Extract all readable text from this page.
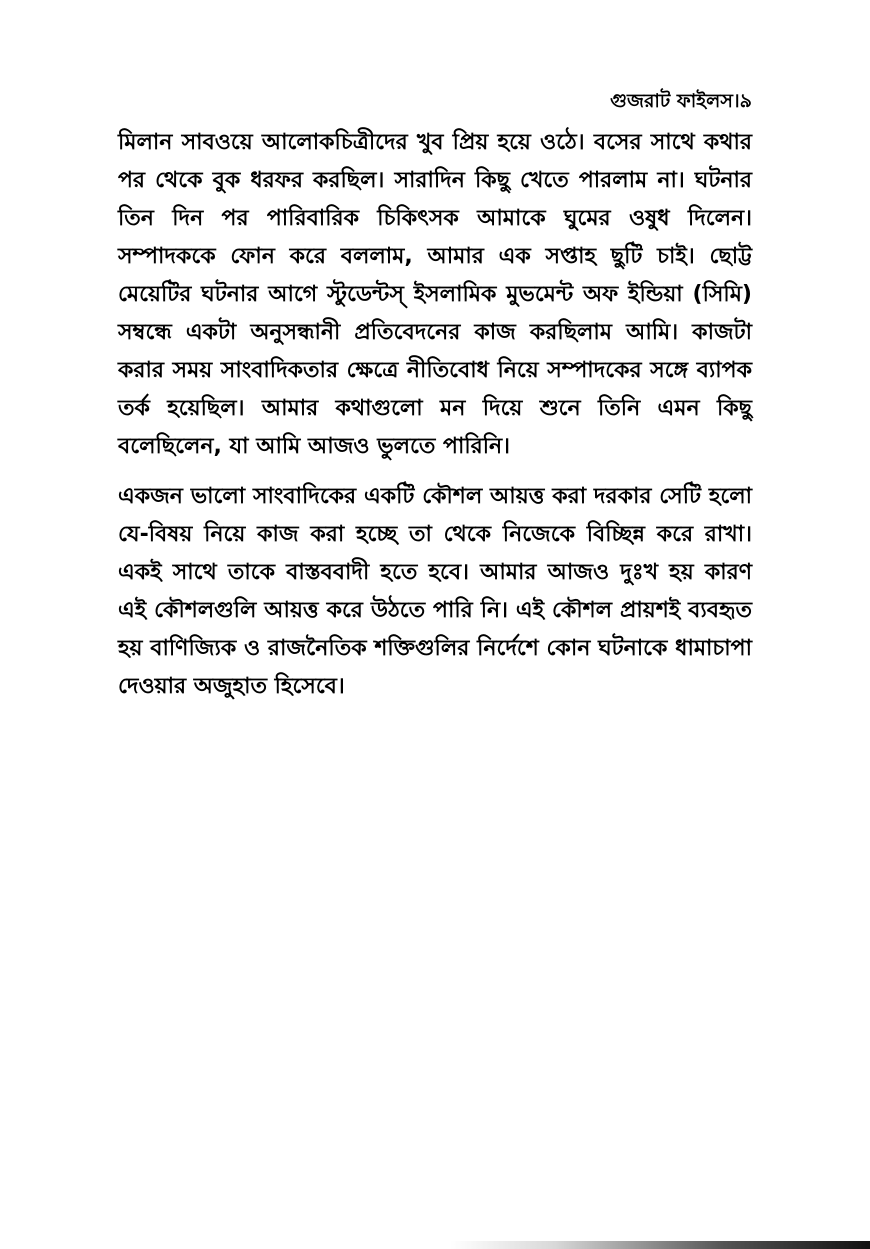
গুজরাট ফাইলস।৯

মিলান সাবওয়ে আলোকচিত্রীদের খুব প্রিয় হয়ে ওঠে। বসের সাথে কথার পর থেকে বুক ধরফর করছিল। সারাদিন কিছু খেতে পারলাম না। ঘটনার তিন দিন পর পারিবারিক চিকিৎসক আমাকে ঘুমের ওষুধ দিলেন। সম্পাদককে ফোন করে বললাম, আমার এক সপ্তাহ ছুটি চাই। ছোট্ট মেয়েটির ঘটনার আগে স্টুডেন্টস্ ইসলামিক মুভমেন্ট অফ ইন্ডিয়া (সিমি) সম্বন্ধে একটা অনুসন্ধানী প্রতিবেদনের কাজ করছিলাম আমি। কাজটা করার সময় সাংবাদিকতার ক্ষেত্রে নীতিবোধ নিয়ে সম্পাদকের সঙ্গে ব্যাপক তর্ক হয়েছিল। আমার কথাগুলো মন দিয়ে শুনে তিনি এমন কিছু বলেছিলেন, যা আমি আজও ভুলতে পারিনি।

একজন ভালো সাংবাদিকের একটি কৌশল আয়ত্ত করা দরকার সেটি হলো যে-বিষয় নিয়ে কাজ করা হচ্ছে তা থেকে নিজেকে বিচ্ছিন্ন করে রাখা। একই সাথে তাকে বাস্তববাদী হতে হবে। আমার আজও দুঃখ হয় কারণ এই কৌশলগুলি আয়ত্ত করে উঠতে পারি নি। এই কৌশল প্রায়শই ব্যবহৃত হয় বাণিজ্যিক ও রাজনৈতিক শক্তিগুলির নির্দেশে কোন ঘটনাকে ধামাচাপা দেওয়ার অজুহাত হিসেবে।
